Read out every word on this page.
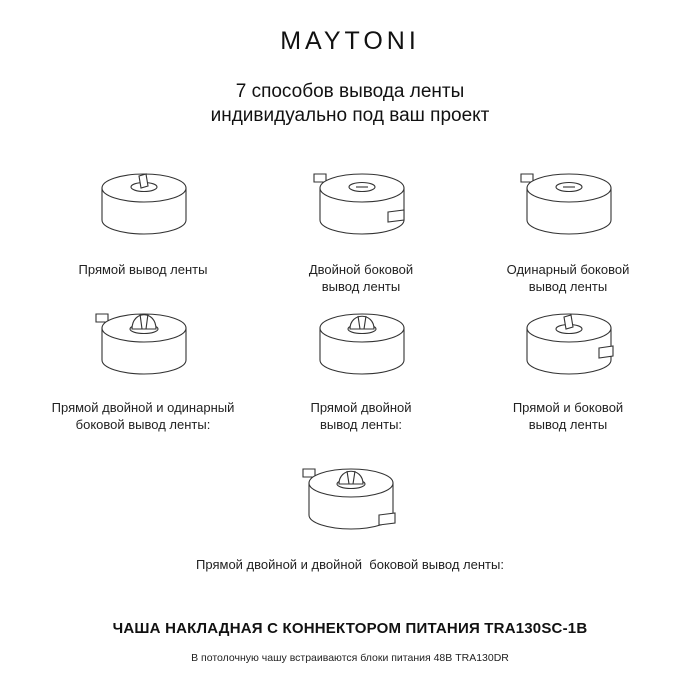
MAYTONI
7 способов вывода ленты
индивидуально под ваш проект
Прямой вывод ленты	Двойной боковой
вывод ленты
Одинарный боковой
вывод ленты
Прямой двойной и одинарный
боковой вывод ленты:
Прямой двойной
вывод ленты:
Прямой и боковой
вывод ленты
Прямой двойной и двойной  боковой вывод ленты:
ЧАША НАКЛАДНАЯ С КОННЕКТОРОМ ПИТАНИЯ TRA130SC-1B
В потолочную чашу встраиваются блоки питания 48В TRA130DR
